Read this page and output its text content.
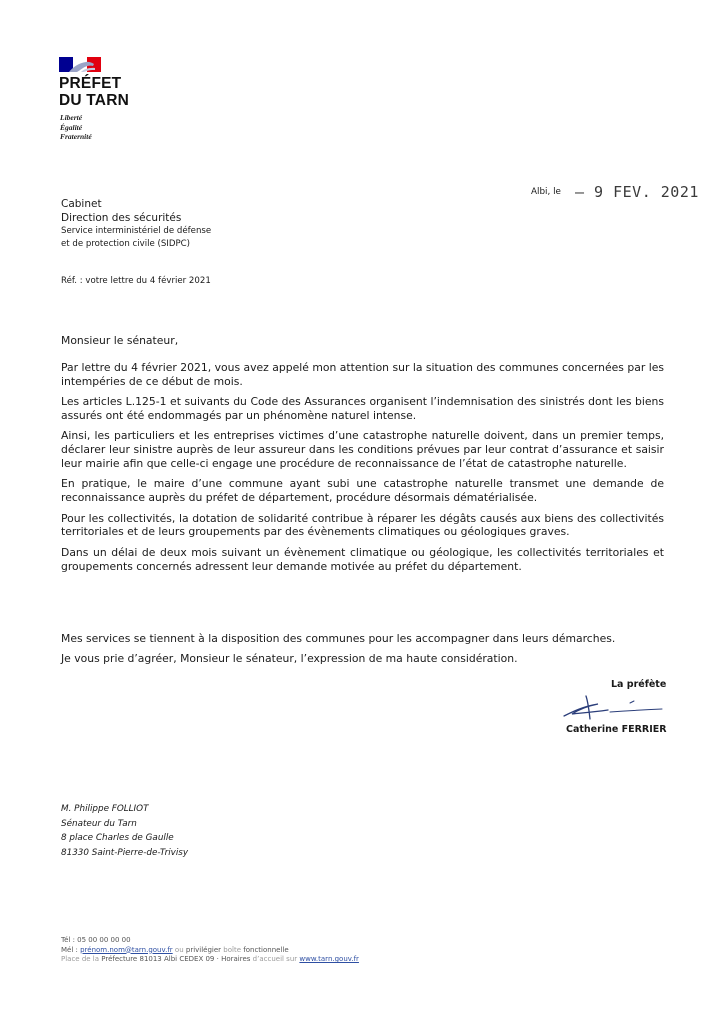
PRÉFET
DU TARN
Liberté
Égalité
Fraternité
Albi, le – 9 FEV. 2021
Cabinet
Direction des sécurités
Service interministériel de défense
et de protection civile (SIDPC)
Réf. : votre lettre du 4 février 2021
Monsieur le sénateur,

Par lettre du 4 février 2021, vous avez appelé mon attention sur la situation des communes concernées par les intempéries de ce début de mois.

Les articles L.125-1 et suivants du Code des Assurances organisent l’indemnisation des sinistrés dont les biens assurés ont été endommagés par un phénomène naturel intense.

Ainsi, les particuliers et les entreprises victimes d’une catastrophe naturelle doivent, dans un premier temps, déclarer leur sinistre auprès de leur assureur dans les conditions prévues par leur contrat d’assurance et saisir leur mairie afin que celle-ci engage une procédure de reconnaissance de l’état de catastrophe naturelle.

En pratique, le maire d’une commune ayant subi une catastrophe naturelle transmet une demande de reconnaissance auprès du préfet de département, procédure désormais dématérialisée.

Pour les collectivités, la dotation de solidarité contribue à réparer les dégâts causés aux biens des collectivités territoriales et de leurs groupements par des évènements climatiques ou géologiques graves.

Dans un délai de deux mois suivant un évènement climatique ou géologique, les collectivités territoriales et groupements concernés adressent leur demande motivée au préfet du département.

Mes services se tiennent à la disposition des communes pour les accompagner dans leurs démarches.
Je vous prie d’agréer, Monsieur le sénateur, l’expression de ma haute considération.
La préfète
Catherine FERRIER
M. Philippe FOLLIOT
Sénateur du Tarn
8 place Charles de Gaulle
81330 Saint-Pierre-de-Trivisy
Tél : 05 00 00 00 00
Mél : prénom.nom@tarn.gouv.fr ou privilégier boîte fonctionnelle
Place de la Préfecture 81013 Albi CEDEX 09 · Horaires d’accueil sur www.tarn.gouv.fr
